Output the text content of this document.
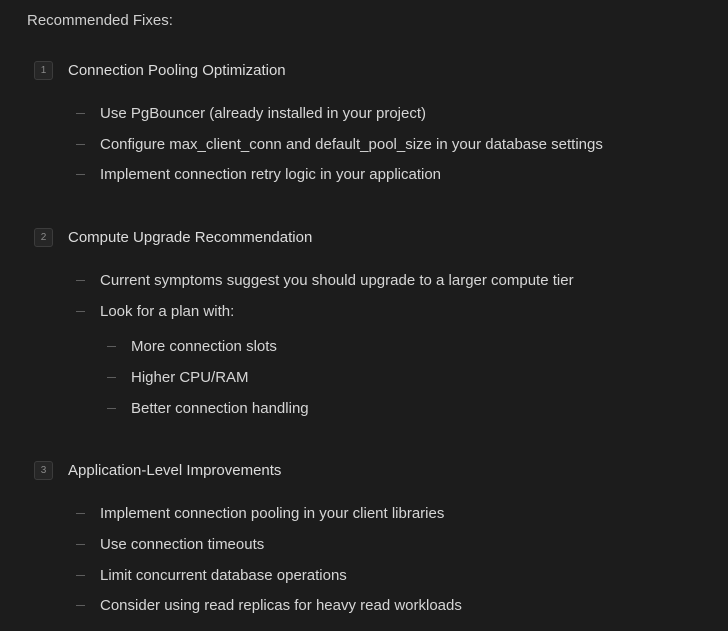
Recommended Fixes:
1	Connection Pooling Optimization
Use PgBouncer (already installed in your project)
Configure max_client_conn and default_pool_size in your database settings
Implement connection retry logic in your application
2	Compute Upgrade Recommendation
Current symptoms suggest you should upgrade to a larger compute tier
Look for a plan with:
More connection slots
Higher CPU/RAM
Better connection handling
3	Application-Level Improvements
Implement connection pooling in your client libraries
Use connection timeouts
Limit concurrent database operations
Consider using read replicas for heavy read workloads
